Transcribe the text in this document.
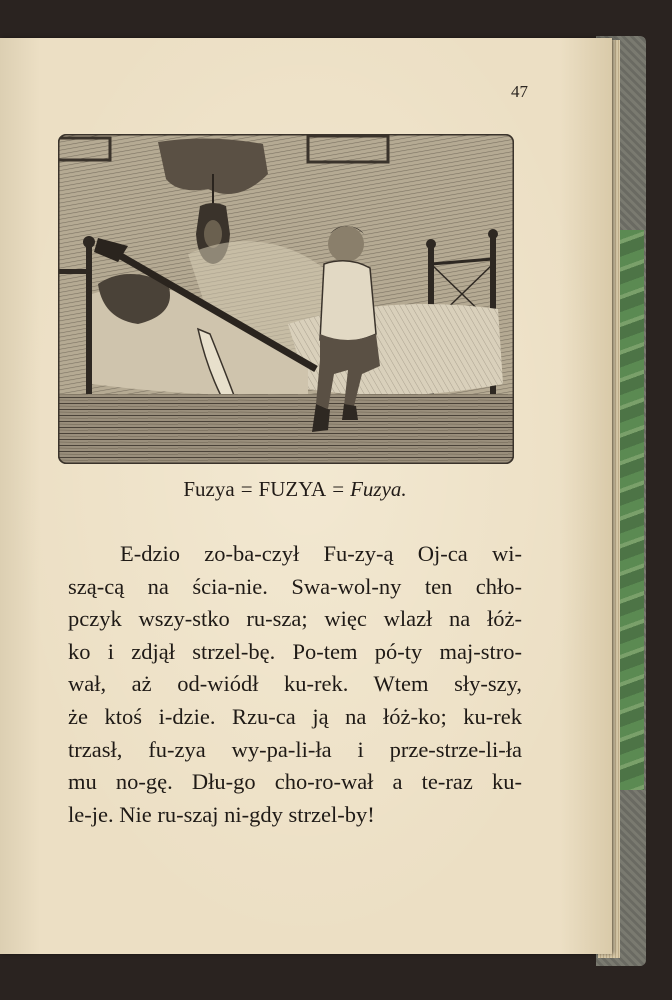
47
Fuzya = FUZYA = Fuzya.
E-dzio zo-ba-czył Fu-zy-ą Oj-ca wi-
szą-cą na ścia-nie. Swa-wol-ny ten chło-
pczyk wszy-stko ru-sza; więc wlazł na łóż-
ko i zdjął strzel-bę. Po-tem pó-ty maj-stro-
wał, aż od-wiódł ku-rek. Wtem sły-szy,
że ktoś i-dzie. Rzu-ca ją na łóż-ko; ku-rek
trzasł, fu-zya wy-pa-li-ła i prze-strze-li-ła
mu no-gę. Dłu-go cho-ro-wał a te-raz ku-
le-je. Nie ru-szaj ni-gdy strzel-by!
